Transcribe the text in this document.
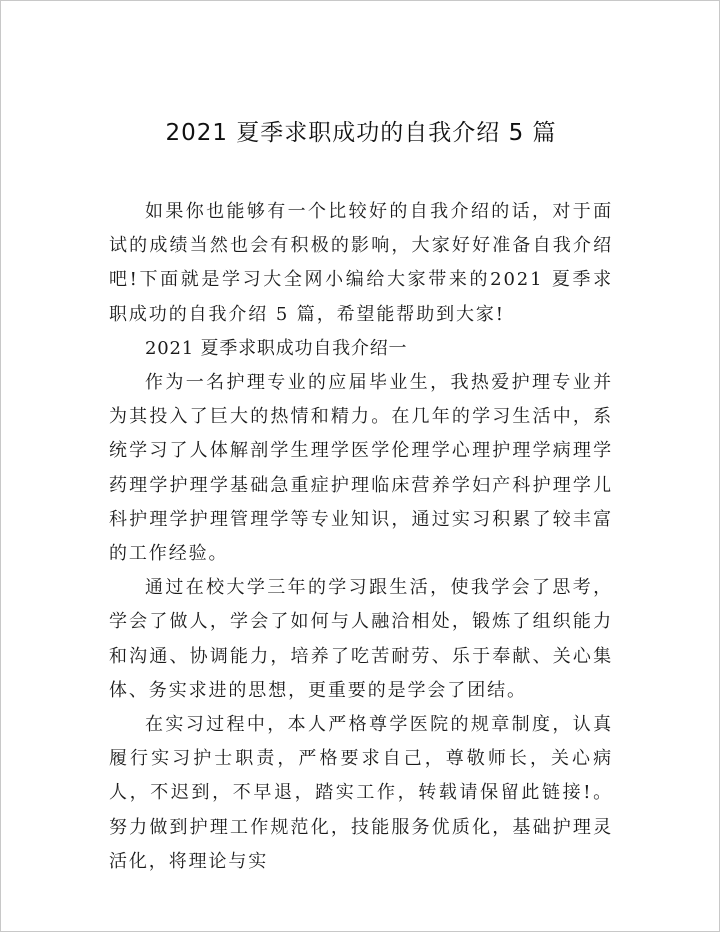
2021 夏季求职成功的自我介绍 5 篇

如果你也能够有一个比较好的自我介绍的话，对于面试的成绩当然也会有积极的影响，大家好好准备自我介绍吧!下面就是学习大全网小编给大家带来的2021 夏季求职成功的自我介绍 5 篇，希望能帮助到大家!

2021 夏季求职成功自我介绍一

作为一名护理专业的应届毕业生，我热爱护理专业并为其投入了巨大的热情和精力。在几年的学习生活中，系统学习了人体解剖学生理学医学伦理学心理护理学病理学药理学护理学基础急重症护理临床营养学妇产科护理学儿科护理学护理管理学等专业知识，通过实习积累了较丰富的工作经验。

通过在校大学三年的学习跟生活，使我学会了思考，学会了做人，学会了如何与人融洽相处，锻炼了组织能力和沟通、协调能力，培养了吃苦耐劳、乐于奉献、关心集体、务实求进的思想，更重要的是学会了团结。

在实习过程中，本人严格尊学医院的规章制度，认真履行实习护士职责，严格要求自己，尊敬师长，关心病人，不迟到，不早退，踏实工作，转载请保留此链接!。努力做到护理工作规范化，技能服务优质化，基础护理灵活化，将理论与实
